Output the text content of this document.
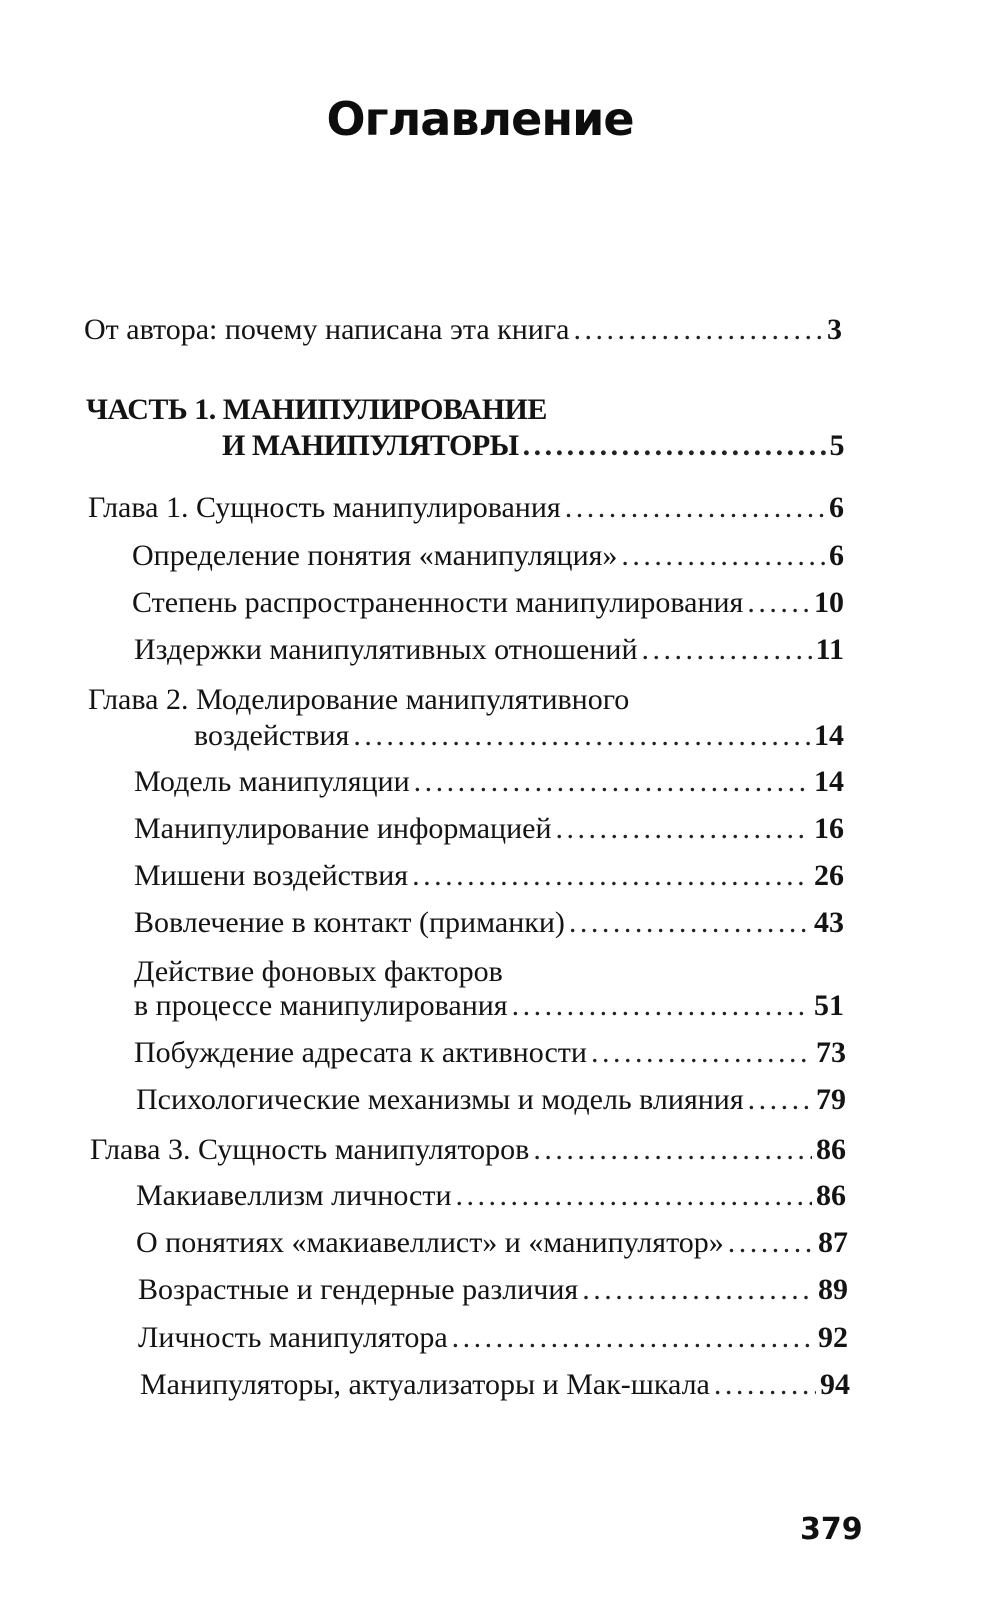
Оглавление
От автора: почему написана эта книга . . .	3
ЧАСТЬ 1. МАНИПУЛИРОВАНИЕ
И МАНИПУЛЯТОРЫ . . .	5
Глава 1. Сущность манипулирования . . .	6
Определение понятия «манипуляция» . . .	6
Степень распространенности манипулирования . . . 10
Издержки манипулятивных отношений . . .	11
Глава 2. Моделирование манипулятивного
воздействия . . .	14
Модель манипуляции . . .	14
Манипулирование информацией . . .	16
Мишени воздействия . . .	26
Вовлечение в контакт (приманки) . . .	43
Действие фоновых факторов
в процессе манипулирования . . .	51
Побуждение адресата к активности . . .	73
Психологические механизмы и модель влияния . . . 79
Глава 3. Сущность манипуляторов . . .	86
Макиавеллизм личности . . .	86
О понятиях «макиавеллист» и «манипулятор» . . .	87
Возрастные и гендерные различия . . .	89
Личность манипулятора . . .	92
Манипуляторы, актуализаторы и Мак-шкала . . .	94
379
